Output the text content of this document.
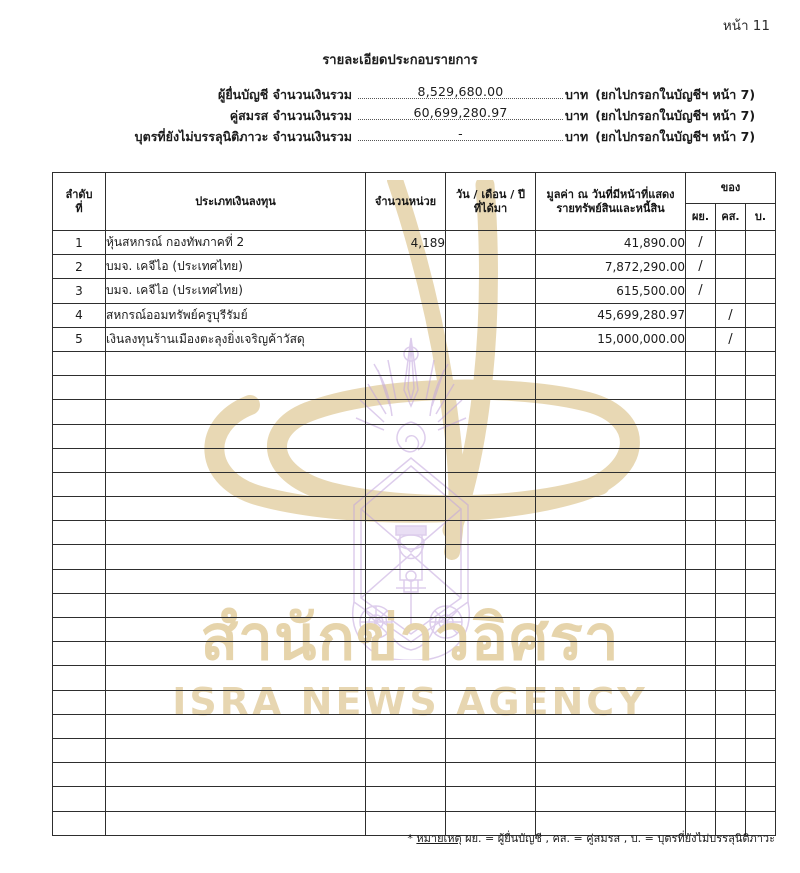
สำนักข่าวอิศรา
ISRA NEWS AGENCY
หน้า 11
รายละเอียดประกอบรายการ
ผู้ยื่นบัญชี จำนวนเงินรวม	8,529,680.00	บาท (ยกไปกรอกในบัญชีฯ หน้า 7)
คู่สมรส จำนวนเงินรวม	60,699,280.97	บาท (ยกไปกรอกในบัญชีฯ หน้า 7)
บุตรที่ยังไม่บรรลุนิติภาวะ จำนวนเงินรวม	-	บาท (ยกไปกรอกในบัญชีฯ หน้า 7)
ลำดับ
ที่	ประเภทเงินลงทุน	จำนวนหน่วย	วัน / เดือน / ปี
ที่ได้มา	มูลค่า ณ วันที่มีหน้าที่แสดง
รายทรัพย์สินและหนี้สิน	ของ		
					ผย.	คส.	บ.
1	หุ้นสหกรณ์ กองทัพภาคที่ 2	4,189		41,890.00	/		
2	บมจ. เคจีไอ (ประเทศไทย)			7,872,290.00	/		
3	บมจ. เคจีไอ (ประเทศไทย)			615,500.00	/		
4	สหกรณ์ออมทรัพย์ครูบุรีรัมย์			45,699,280.97		/	
5	เงินลงทุนร้านเมืองตะลุงยิ่งเจริญค้าวัสดุ			15,000,000.00		/	

* หมายเหตุ ผย. = ผู้ยื่นบัญชี , คส. = คู่สมรส , บ. = บุตรที่ยังไม่บรรลุนิติภาวะ
